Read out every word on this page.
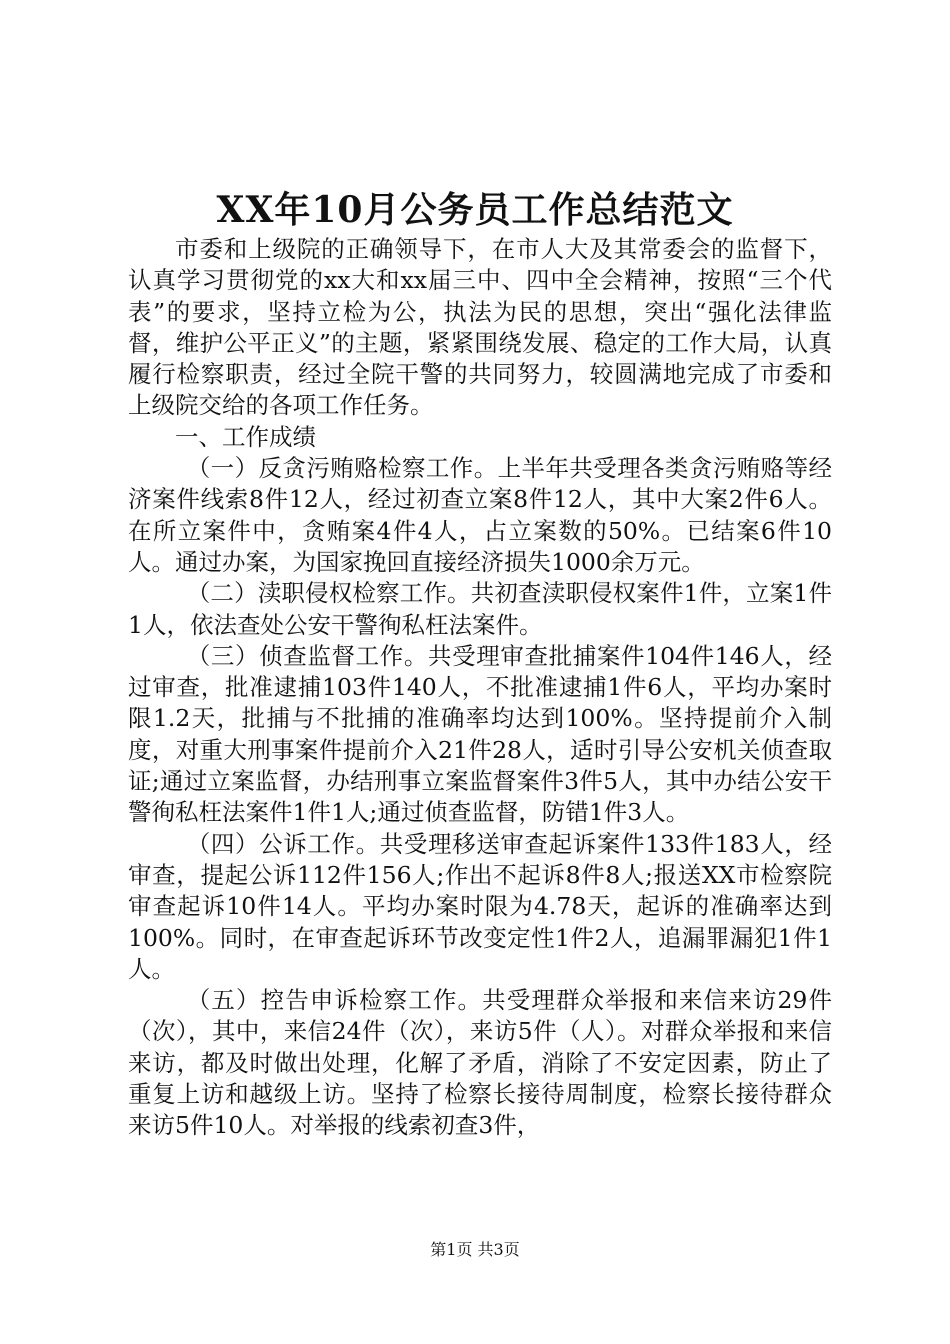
XX年10月公务员工作总结范文

市委和上级院的正确领导下，在市人大及其常委会的监督下，认真学习贯彻党的xx大和xx届三中、四中全会精神，按照“三个代表”的要求，坚持立检为公，执法为民的思想，突出“强化法律监督，维护公平正义”的主题，紧紧围绕发展、稳定的工作大局，认真履行检察职责，经过全院干警的共同努力，较圆满地完成了市委和上级院交给的各项工作任务。

一、工作成绩

（一）反贪污贿赂检察工作。上半年共受理各类贪污贿赂等经济案件线索8件12人，经过初查立案8件12人，其中大案2件6人。在所立案件中，贪贿案4件4人，占立案数的50%。已结案6件10人。通过办案，为国家挽回直接经济损失1000余万元。

（二）渎职侵权检察工作。共初查渎职侵权案件1件，立案1件1人，依法查处公安干警徇私枉法案件。

（三）侦查监督工作。共受理审查批捕案件104件146人，经过审查，批准逮捕103件140人，不批准逮捕1件6人，平均办案时限1.2天，批捕与不批捕的准确率均达到100%。坚持提前介入制度，对重大刑事案件提前介入21件28人，适时引导公安机关侦查取证;通过立案监督，办结刑事立案监督案件3件5人，其中办结公安干警徇私枉法案件1件1人;通过侦查监督，防错1件3人。

（四）公诉工作。共受理移送审查起诉案件133件183人，经审查，提起公诉112件156人;作出不起诉8件8人;报送XX市检察院审查起诉10件14人。平均办案时限为4.78天，起诉的准确率达到100%。同时，在审查起诉环节改变定性1件2人，追漏罪漏犯1件1人。

（五）控告申诉检察工作。共受理群众举报和来信来访29件（次），其中，来信24件（次），来访5件（人）。对群众举报和来信来访，都及时做出处理，化解了矛盾，消除了不安定因素，防止了重复上访和越级上访。坚持了检察长接待周制度，检察长接待群众来访5件10人。对举报的线索初查3件，

第1页 共3页
